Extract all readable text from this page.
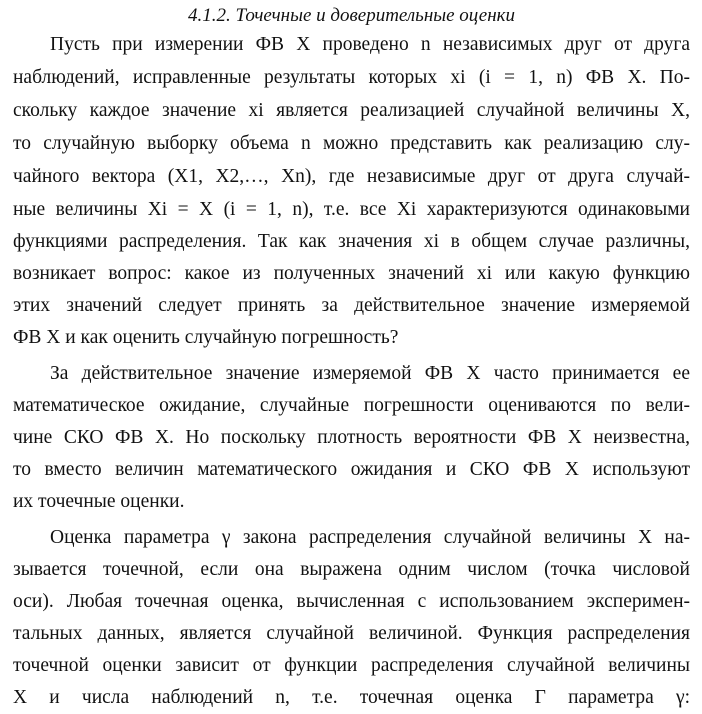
4.1.2. Точечные и доверительные оценки
Пусть при измерении ФВ X проведено n независимых друг от друга
наблюдений, исправленные результаты которых xi (i = 1, n) ФВ X. По-
скольку каждое значение xi является реализацией случайной величины X,
то случайную выборку объема n можно представить как реализацию слу-
чайного вектора (X1, X2,…, Xn), где независимые друг от друга случай-
ные величины Xi = X (i = 1, n), т.е. все Xi характеризуются одинаковыми
функциями распределения. Так как значения xi в общем случае различны,
возникает вопрос: какое из полученных значений xi или какую функцию
этих значений следует принять за действительное значение измеряемой
ФВ X и как оценить случайную погрешность?
За действительное значение измеряемой ФВ X часто принимается ее
математическое ожидание, случайные погрешности оцениваются по вели-
чине СКО ФВ X. Но поскольку плотность вероятности ФВ X неизвестна,
то вместо величин математического ожидания и СКО ФВ X используют
их точечные оценки.
Оценка параметра γ закона распределения случайной величины X на-
зывается точечной, если она выражена одним числом (точка числовой
оси). Любая точечная оценка, вычисленная с использованием эксперимен-
тальных данных, является случайной величиной. Функция распределения
точечной оценки зависит от функции распределения случайной величины
X и числа наблюдений n, т.е. точечная оценка Γ параметра γ:
